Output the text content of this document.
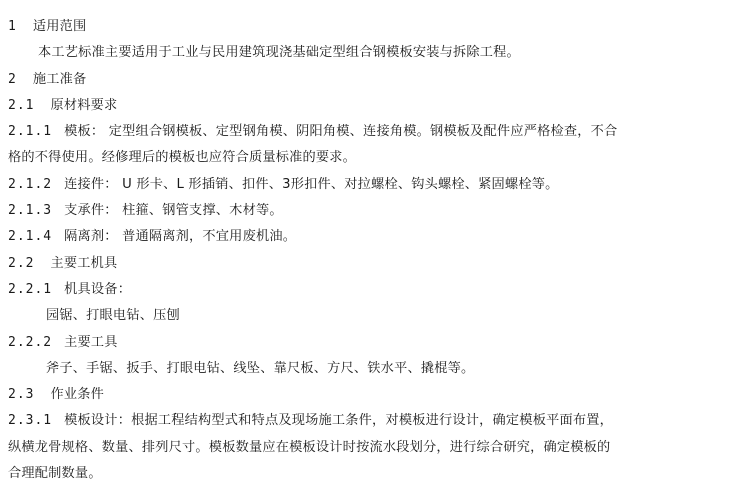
1 适用范围
本工艺标准主要适用于工业与民用建筑现浇基础定型组合钢模板安装与拆除工程。
2 施工准备
2.1 原材料要求
2.1.1 模板： 定型组合钢模板、定型钢角模、阴阳角模、连接角模。钢模板及配件应严格检查，不合
格的不得使用。经修理后的模板也应符合质量标准的要求。
2.1.2 连接件： U 形卡、L 形插销、扣件、3形扣件、对拉螺栓、钩头螺栓、紧固螺栓等。
2.1.3 支承件： 柱箍、钢管支撑、木材等。
2.1.4 隔离剂： 普通隔离剂，不宜用废机油。
2.2 主要工机具
2.2.1 机具设备：
园锯、打眼电钻、压刨
2.2.2 主要工具
斧子、手锯、扳手、打眼电钻、线坠、靠尺板、方尺、铁水平、撬棍等。
2.3 作业条件
2.3.1 模板设计：根据工程结构型式和特点及现场施工条件，对模板进行设计，确定模板平面布置，
纵横龙骨规格、数量、排列尺寸。模板数量应在模板设计时按流水段划分，进行综合研究，确定模板的
合理配制数量。
